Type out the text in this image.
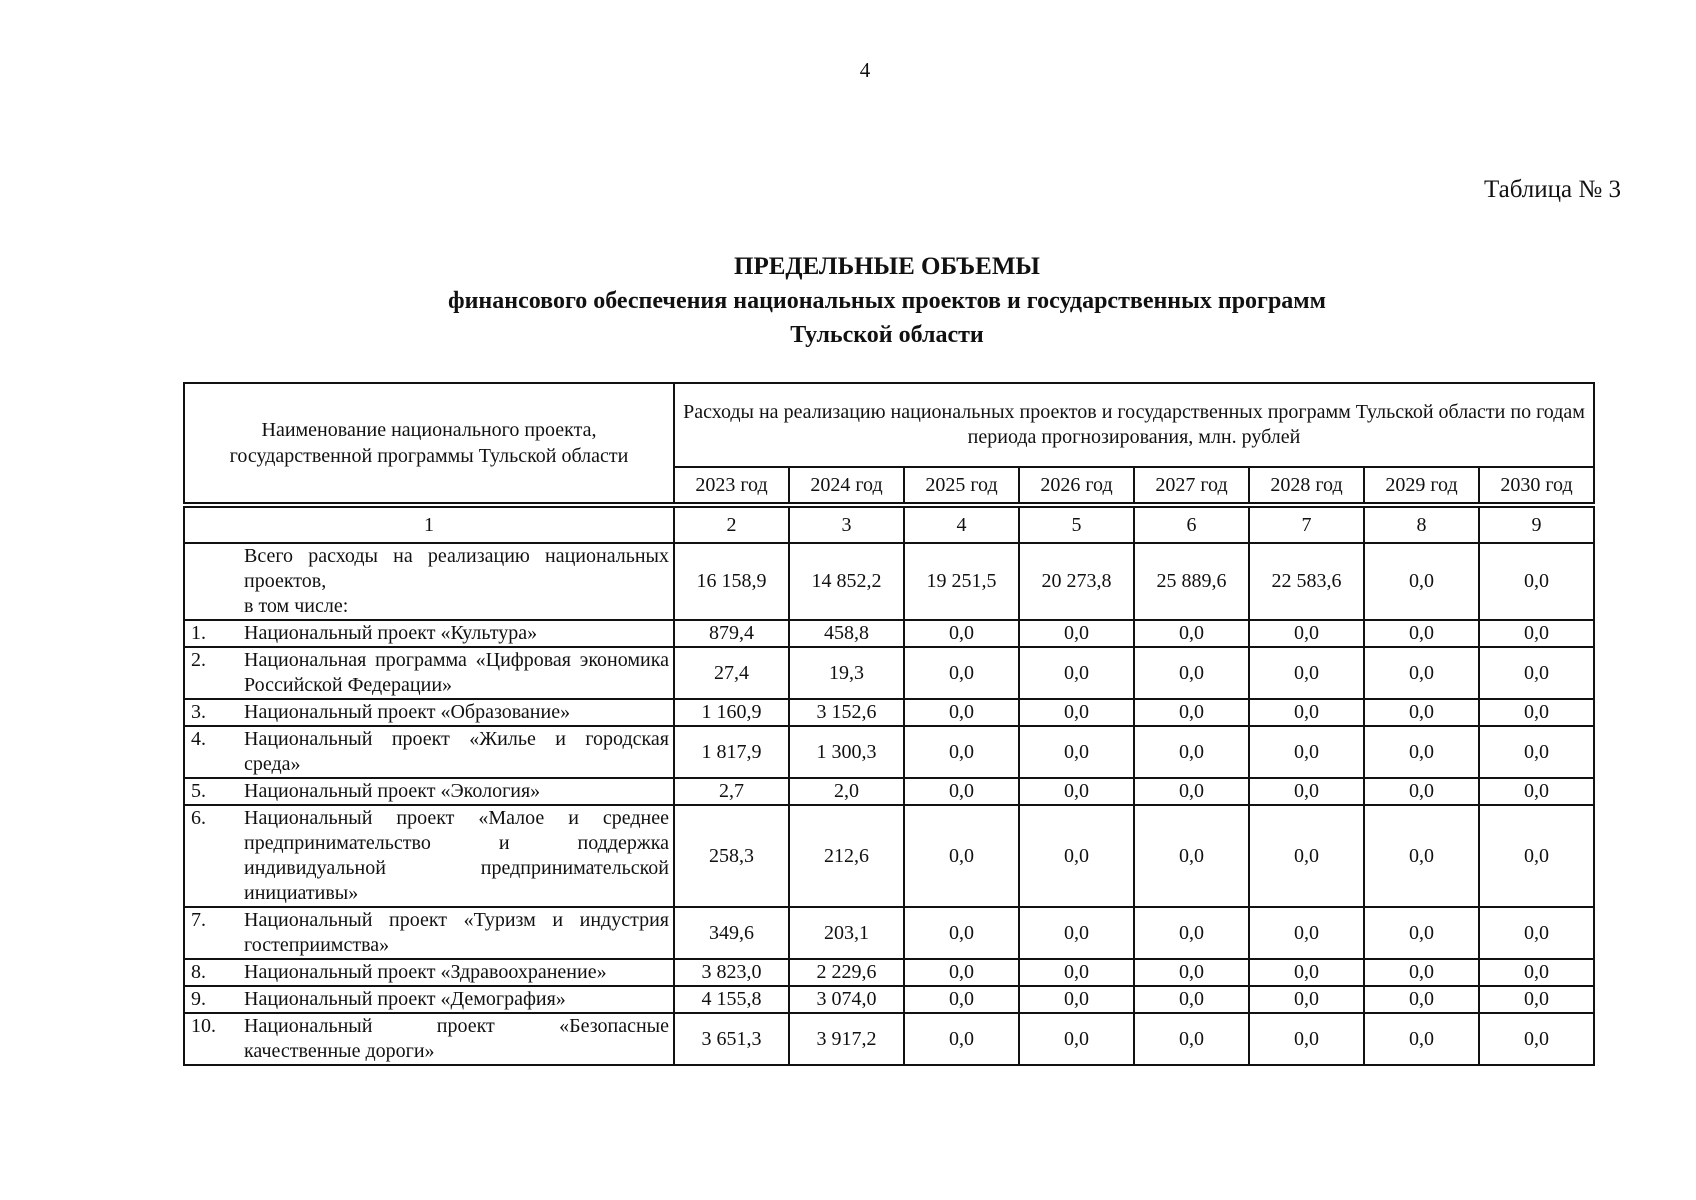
4
Таблица № 3
ПРЕДЕЛЬНЫЕ ОБЪЕМЫ
финансового обеспечения национальных проектов и государственных программ
Тульской области
Наименование национального проекта, государственной программы Тульской области	Расходы на реализацию национальных проектов и государственных программ Тульской области по годам периода прогнозирования, млн. рублей							
	2023 год	2024 год	2025 год	2026 год	2027 год	2028 год	2029 год	2030 год

1	2	3	4	5	6	7	8	9

Всего расходы на реализацию национальных проектов,
в том числе:	16 158,9	14 852,2	19 251,5	20 273,8	25 889,6	22 583,6	0,0	0,0

1. Национальный проект «Культура»	879,4	458,8	0,0	0,0	0,0	0,0	0,0	0,0

2. Национальная программа «Цифровая экономика Российской Федерации»	27,4	19,3	0,0	0,0	0,0	0,0	0,0	0,0

3. Национальный проект «Образование»	1 160,9	3 152,6	0,0	0,0	0,0	0,0	0,0	0,0

4. Национальный проект «Жилье и городская среда»	1 817,9	1 300,3	0,0	0,0	0,0	0,0	0,0	0,0

5. Национальный проект «Экология»	2,7	2,0	0,0	0,0	0,0	0,0	0,0	0,0

6. Национальный проект «Малое и среднее предпринимательство и поддержка индивидуальной предпринимательской инициативы»	258,3	212,6	0,0	0,0	0,0	0,0	0,0	0,0

7. Национальный проект «Туризм и индустрия гостеприимства»	349,6	203,1	0,0	0,0	0,0	0,0	0,0	0,0

8. Национальный проект «Здравоохранение»	3 823,0	2 229,6	0,0	0,0	0,0	0,0	0,0	0,0

9. Национальный проект «Демография»	4 155,8	3 074,0	0,0	0,0	0,0	0,0	0,0	0,0

10. Национальный проект «Безопасные качественные дороги»	3 651,3	3 917,2	0,0	0,0	0,0	0,0	0,0	0,0
